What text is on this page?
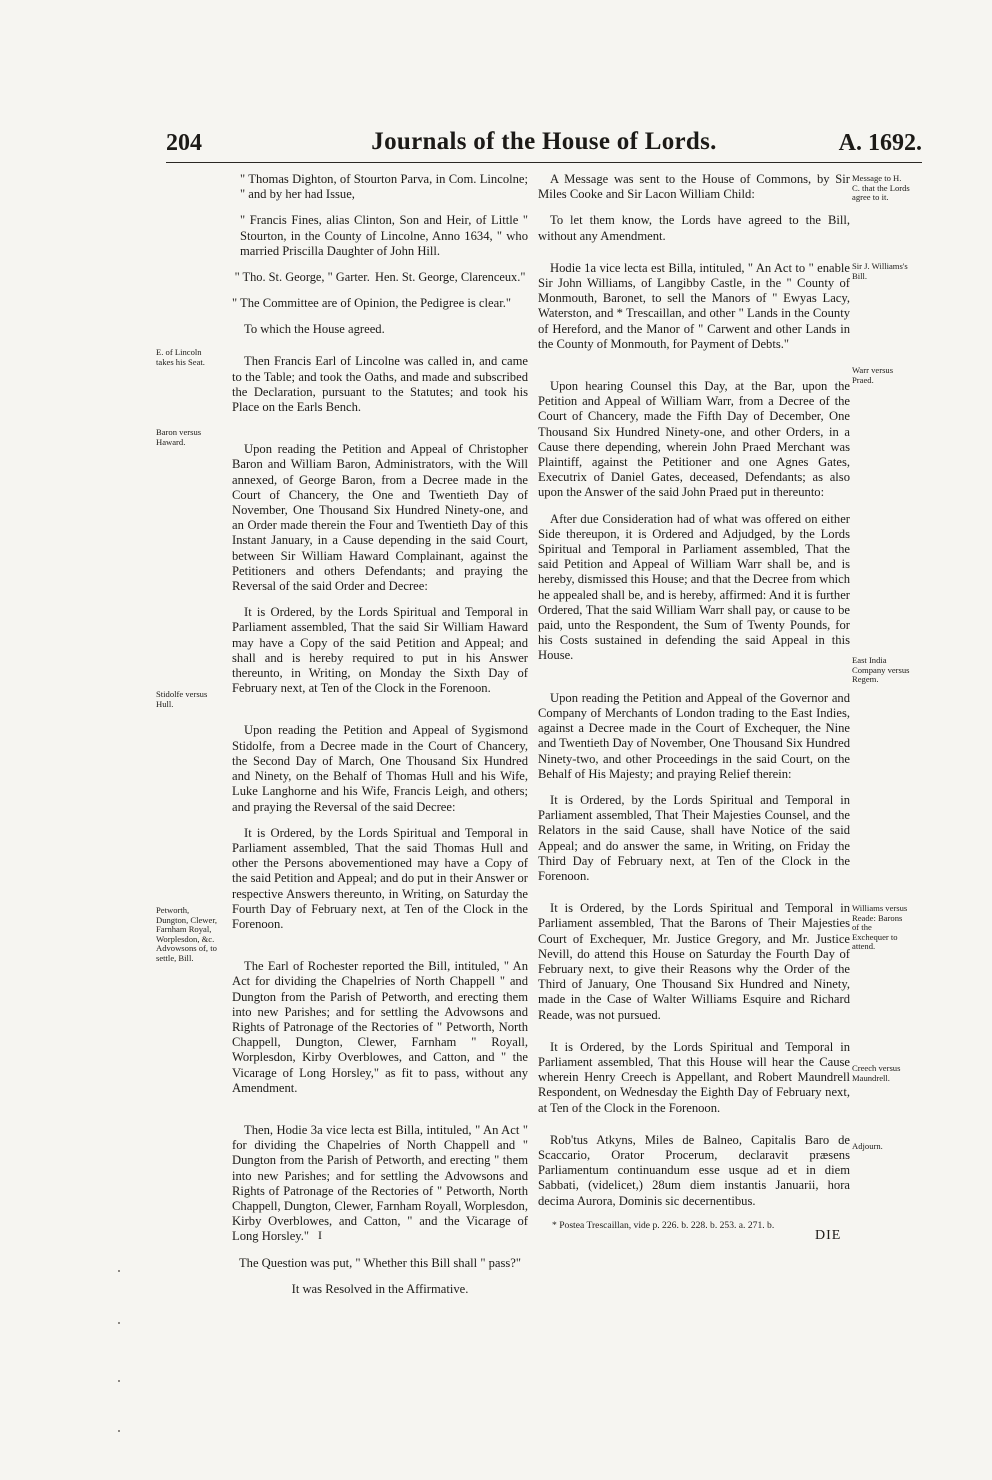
204	Journals of the House of Lords.	A. 1692.

" Thomas Dighton, of Stourton Parva, in Com. Lincolne; " and by her had Issue,

" Francis Fines, alias Clinton, Son and Heir, of Little " Stourton, in the County of Lincolne, Anno 1634, " who married Priscilla Daughter of John Hill.

" Tho. St. George, " Garter. Hen. St. George, Clarenceux."

" The Committee are of Opinion, the Pedigree is clear."

To which the House agreed.

Then Francis Earl of Lincolne was called in, and came to the Table; and took the Oaths, and made and subscribed the Declaration, pursuant to the Statutes; and took his Place on the Earls Bench.

Upon reading the Petition and Appeal of Christopher Baron and William Baron, Administrators, with the Will annexed, of George Baron, from a Decree made in the Court of Chancery, the One and Twentieth Day of November, One Thousand Six Hundred Ninety-one, and an Order made therein the Four and Twentieth Day of this Instant January, in a Cause depending in the said Court, between Sir William Haward Complainant, against the Petitioners and others Defendants; and praying the Reversal of the said Order and Decree:

It is Ordered, by the Lords Spiritual and Temporal in Parliament assembled, That the said Sir William Haward may have a Copy of the said Petition and Appeal; and shall and is hereby required to put in his Answer thereunto, in Writing, on Monday the Sixth Day of February next, at Ten of the Clock in the Forenoon.

Upon reading the Petition and Appeal of Sygismond Stidolfe, from a Decree made in the Court of Chancery, the Second Day of March, One Thousand Six Hundred and Ninety, on the Behalf of Thomas Hull and his Wife, Luke Langhorne and his Wife, Francis Leigh, and others; and praying the Reversal of the said Decree:

It is Ordered, by the Lords Spiritual and Temporal in Parliament assembled, That the said Thomas Hull and other the Persons abovementioned may have a Copy of the said Petition and Appeal; and do put in their Answer or respective Answers thereunto, in Writing, on Saturday the Fourth Day of February next, at Ten of the Clock in the Forenoon.

The Earl of Rochester reported the Bill, intituled, " An Act for dividing the Chapelries of North Chappell " and Dungton from the Parish of Petworth, and erecting them into new Parishes; and for settling the Advowsons and Rights of Patronage of the Rectories of " Petworth, North Chappell, Dungton, Clewer, Farnham " Royall, Worplesdon, Kirby Overblowes, and Catton, and " the Vicarage of Long Horsley," as fit to pass, without any Amendment.

Then, Hodie 3a vice lecta est Billa, intituled, " An Act " for dividing the Chapelries of North Chappell and " Dungton from the Parish of Petworth, and erecting " them into new Parishes; and for settling the Advowsons and Rights of Patronage of the Rectories of " Petworth, North Chappell, Dungton, Clewer, Farnham Royall, Worplesdon, Kirby Overblowes, and Catton, " and the Vicarage of Long Horsley."

The Question was put, " Whether this Bill shall " pass?"

It was Resolved in the Affirmative.

A Message was sent to the House of Commons, by Sir Miles Cooke and Sir Lacon William Child:

To let them know, the Lords have agreed to the Bill, without any Amendment.

Hodie 1a vice lecta est Billa, intituled, " An Act to " enable Sir John Williams, of Langibby Castle, in the " County of Monmouth, Baronet, to sell the Manors of " Ewyas Lacy, Waterston, and * Trescaillan, and other " Lands in the County of Hereford, and the Manor of " Carwent and other Lands in the County of Monmouth, for Payment of Debts."

Upon hearing Counsel this Day, at the Bar, upon the Petition and Appeal of William Warr, from a Decree of the Court of Chancery, made the Fifth Day of December, One Thousand Six Hundred Ninety-one, and other Orders, in a Cause there depending, wherein John Praed Merchant was Plaintiff, against the Petitioner and one Agnes Gates, Executrix of Daniel Gates, deceased, Defendants; as also upon the Answer of the said John Praed put in thereunto:

After due Consideration had of what was offered on either Side thereupon, it is Ordered and Adjudged, by the Lords Spiritual and Temporal in Parliament assembled, That the said Petition and Appeal of William Warr shall be, and is hereby, dismissed this House; and that the Decree from which he appealed shall be, and is hereby, affirmed: And it is further Ordered, That the said William Warr shall pay, or cause to be paid, unto the Respondent, the Sum of Twenty Pounds, for his Costs sustained in defending the said Appeal in this House.

Upon reading the Petition and Appeal of the Governor and Company of Merchants of London trading to the East Indies, against a Decree made in the Court of Exchequer, the Nine and Twentieth Day of November, One Thousand Six Hundred Ninety-two, and other Proceedings in the said Court, on the Behalf of His Majesty; and praying Relief therein:

It is Ordered, by the Lords Spiritual and Temporal in Parliament assembled, That Their Majesties Counsel, and the Relators in the said Cause, shall have Notice of the said Appeal; and do answer the same, in Writing, on Friday the Third Day of February next, at Ten of the Clock in the Forenoon.

It is Ordered, by the Lords Spiritual and Temporal in Parliament assembled, That the Barons of Their Majesties Court of Exchequer, Mr. Justice Gregory, and Mr. Justice Nevill, do attend this House on Saturday the Fourth Day of February next, to give their Reasons why the Order of the Third of January, One Thousand Six Hundred and Ninety, made in the Case of Walter Williams Esquire and Richard Reade, was not pursued.

It is Ordered, by the Lords Spiritual and Temporal in Parliament assembled, That this House will hear the Cause wherein Henry Creech is Appellant, and Robert Maundrell Respondent, on Wednesday the Eighth Day of February next, at Ten of the Clock in the Forenoon.

Rob'tus Atkyns, Miles de Balneo, Capitalis Baro de Scaccario, Orator Procerum, declaravit præsens Parliamentum continuandum esse usque ad et in diem Sabbati, (videlicet,) 28um diem instantis Januarii, hora decima Aurora, Dominis sic decernentibus.

* Postea Trescaillan, vide p. 226. b. 228. b. 253. a. 271. b.
I	DIE
E. of Lincoln takes his Seat.
Baron versus Haward.
Stidolfe versus Hull.
Petworth, Dungton, Clewer, Farnham Royal, Worplesdon, &c. Advowsons of, to settle, Bill.
Message to H. C. that the Lords agree to it.
Sir J. Williams's Bill.
Warr versus Praed.
East India Company versus Regem.
Williams versus Reade: Barons of the Exchequer to attend.
Creech versus Maundrell.
Adjourn.
